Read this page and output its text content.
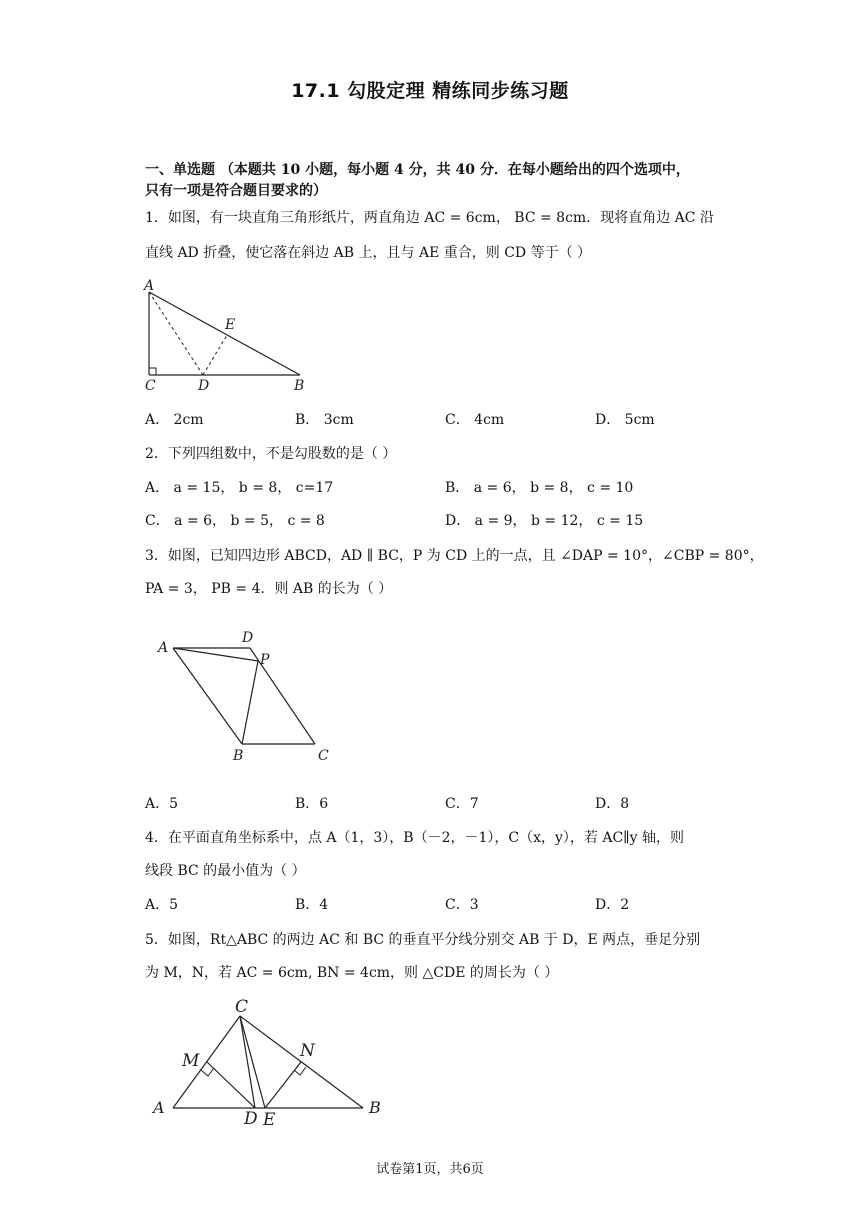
17.1 勾股定理 精练同步练习题
一、单选题 （本题共 10 小题，每小题 4 分，共 40 分．在每小题给出的四个选项中，
只有一项是符合题目要求的）
1．如图，有一块直角三角形纸片，两直角边 AC = 6cm， BC = 8cm．现将直角边 AC 沿
直线 AD 折叠，使它落在斜边 AB 上，且与 AE 重合，则 CD 等于（ ）
A
E
C	D	B
A． 2cm	B． 3cm	C． 4cm	D． 5cm
2．下列四组数中，不是勾股数的是（ ）
A． a = 15， b = 8， c=17	B． a = 6， b = 8， c = 10
C． a = 6， b = 5， c = 8	D． a = 9， b = 12， c = 15
3．如图，已知四边形 ABCD，AD ∥ BC，P 为 CD 上的一点，且 ∠DAP = 10°，∠CBP = 80°，
PA = 3， PB = 4．则 AB 的长为（ ）
A
D
P
B	C
A．5	B．6	C．7	D．8
4．在平面直角坐标系中，点 A（1，3），B（－2，－1），C（x，y），若 AC∥y 轴，则
线段 BC 的最小值为（ ）
A．5	B．4	C．3	D．2
5．如图，Rt△ABC 的两边 AC 和 BC 的垂直平分线分别交 AB 于 D，E 两点，垂足分别
为 M，N，若 AC = 6cm, BN = 4cm，则 △CDE 的周长为（ ）
C
M	N
A
D E
B
试卷第1页，共6页
